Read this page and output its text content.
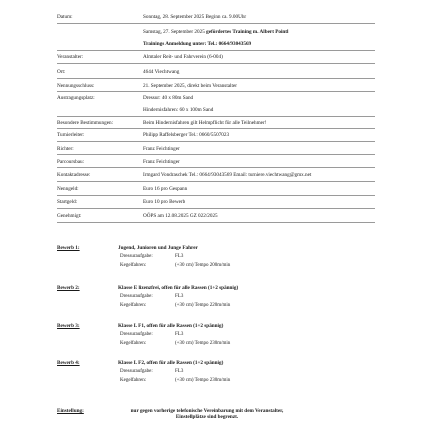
Datum:	Sonntag, 28. September 2025 Beginn ca. 9.00Uhr
Samstag, 27. September 2025 gefördertes Training m. Albert Pointl
Trainings Anmeldung unter: Tel.: 0664/93043569
Veranstalter:	Almtaler Reit- und Fahrverein (6-004)
Ort:	4644 Viechtwang
Nennungsschluss:	21. September 2025, direkt beim Veranstalter
Austragungsplatz:	Dressur: 40 x 80m Sand
Hindernisfahren: 60 x 100m Sand
Besondere Bestimmungen:	Beim Hindernisfahren gilt Helmpflicht für alle Teilnehmer!
Turnierleiter:	Philipp Raffelsberger Tel.: 0660/5507023
Richter:	Franz Feichtinger
Parcoursbau:	Franz Feichtinger
Kontaktadresse:	Irmgard Vondraschek Tel.: 0664/93043569 Email: turniere.viechtwang@gmx.net
Nenngeld:	Euro 16 pro Gespann
Startgeld:	Euro 10 pro Bewerb
Genehmigt:	OÖPS am 12.08.2025 GZ 022/2025
Bewerb 1:	Jugend, Junioren und Junge Fahrer
Dressuraufgabe:	FL3
Kegelfahren:	(+30 cm) Tempo 200m/min
Bewerb 2:	Klasse E lizenzfrei, offen für alle Rassen (1+2 spännig)
Dressuraufgabe:	FL3
Kegelfahren:	(+30 cm) Tempo 220m/min
Bewerb 3:	Klasse L F1, offen für alle Rassen (1+2 spännig)
Dressuraufgabe:	FL3
Kegelfahren:	(+30 cm) Tempo 230m/min
Bewerb 4:	Klasse L F2, offen für alle Rassen (1+2 spännig)
Dressuraufgabe:	FL3
Kegelfahren:	(+30 cm) Tempo 230m/min
Einstellung:	nur gegen vorherige telefonische Vereinbarung mit dem Veranstalter, Einstellplätze sind begrenzt.
